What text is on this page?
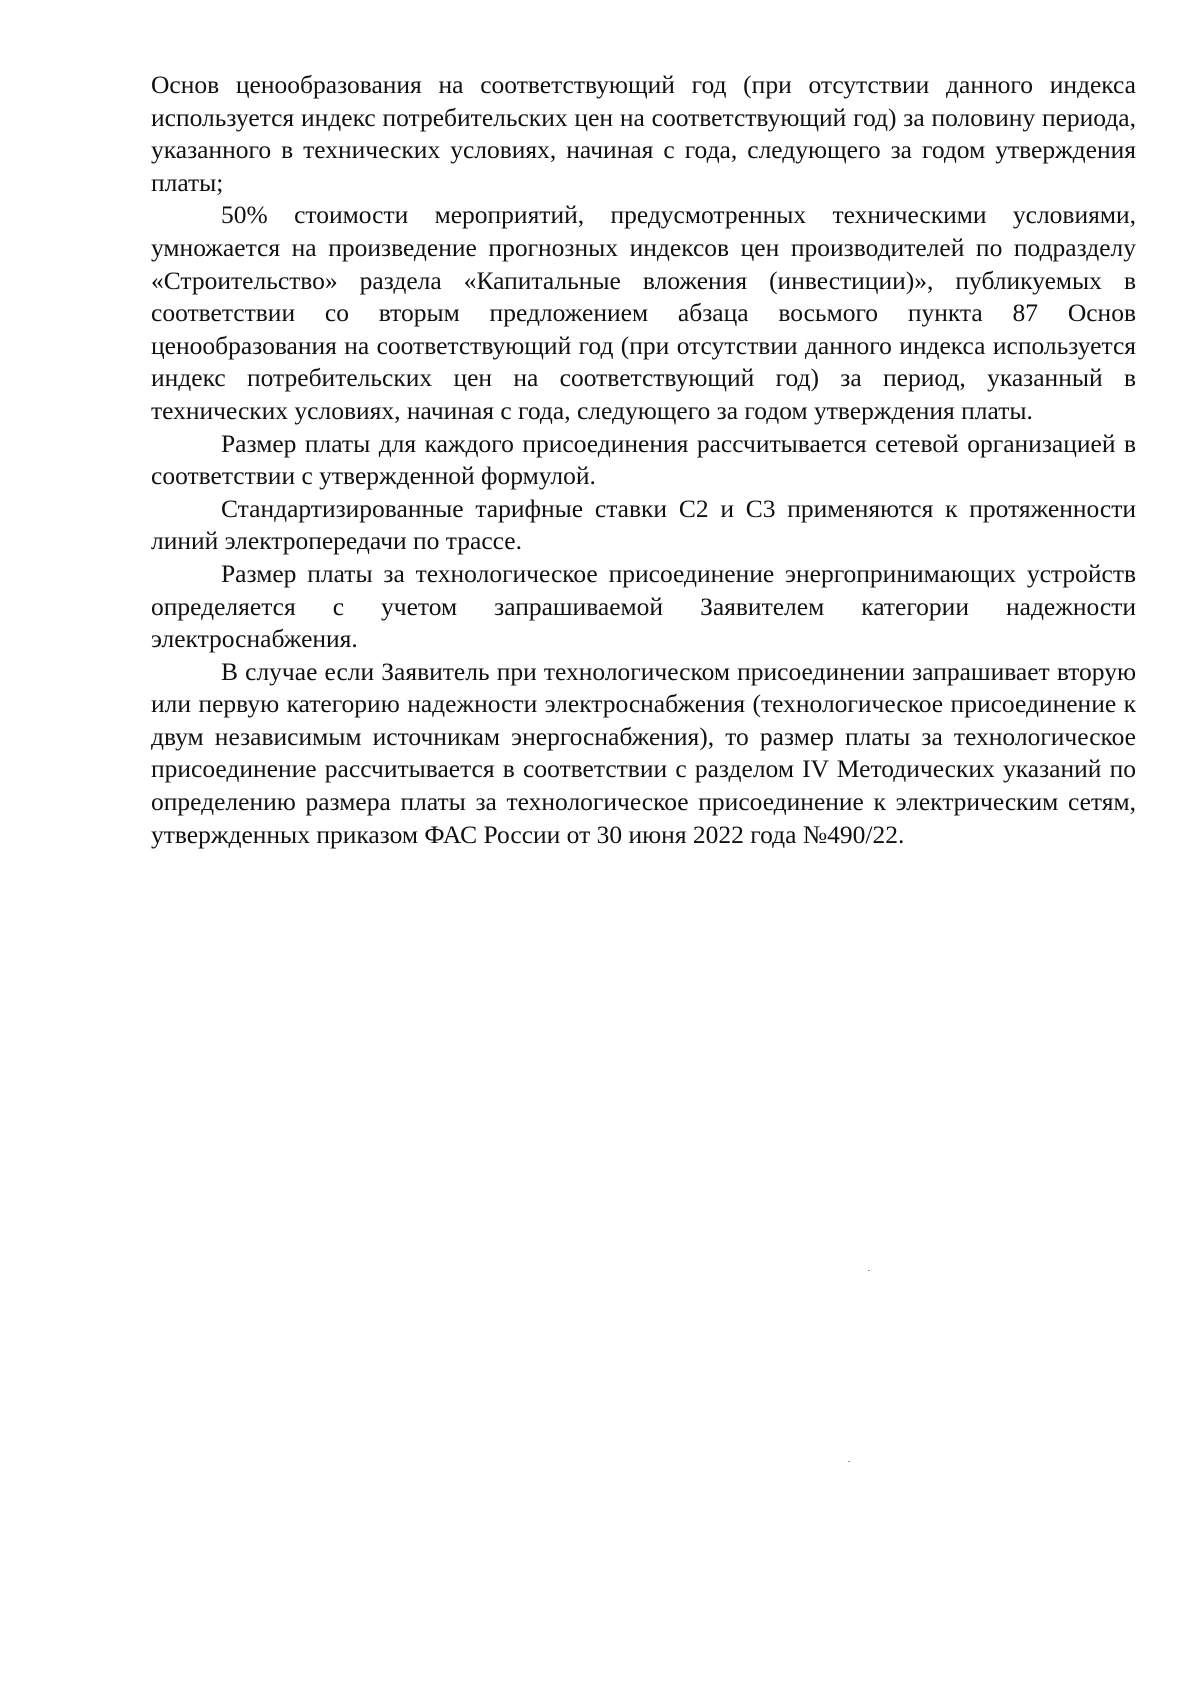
Основ ценообразования на соответствующий год (при отсутствии данного индекса используется индекс потребительских цен на соответствующий год) за половину периода, указанного в технических условиях, начиная с года, следующего за годом утверждения платы;

50% стоимости мероприятий, предусмотренных техническими условиями, умножается на произведение прогнозных индексов цен производителей по подразделу «Строительство» раздела «Капитальные вложения (инвестиции)», публикуемых в соответствии со вторым предложением абзаца восьмого пункта 87 Основ ценообразования на соответствующий год (при отсутствии данного индекса используется индекс потребительских цен на соответствующий год) за период, указанный в технических условиях, начиная с года, следующего за годом утверждения платы.

Размер платы для каждого присоединения рассчитывается сетевой организацией в соответствии с утвержденной формулой.

Стандартизированные тарифные ставки С2 и С3 применяются к протяженности линий электропередачи по трассе.

Размер платы за технологическое присоединение энергопринимающих устройств определяется с учетом запрашиваемой Заявителем категории надежности электроснабжения.

В случае если Заявитель при технологическом присоединении запрашивает вторую или первую категорию надежности электроснабжения (технологическое присоединение к двум независимым источникам энергоснабжения), то размер платы за технологическое присоединение рассчитывается в соответствии с разделом IV Методических указаний по определению размера платы за технологическое присоединение к электрическим сетям, утвержденных приказом ФАС России от 30 июня 2022 года №490/22.
